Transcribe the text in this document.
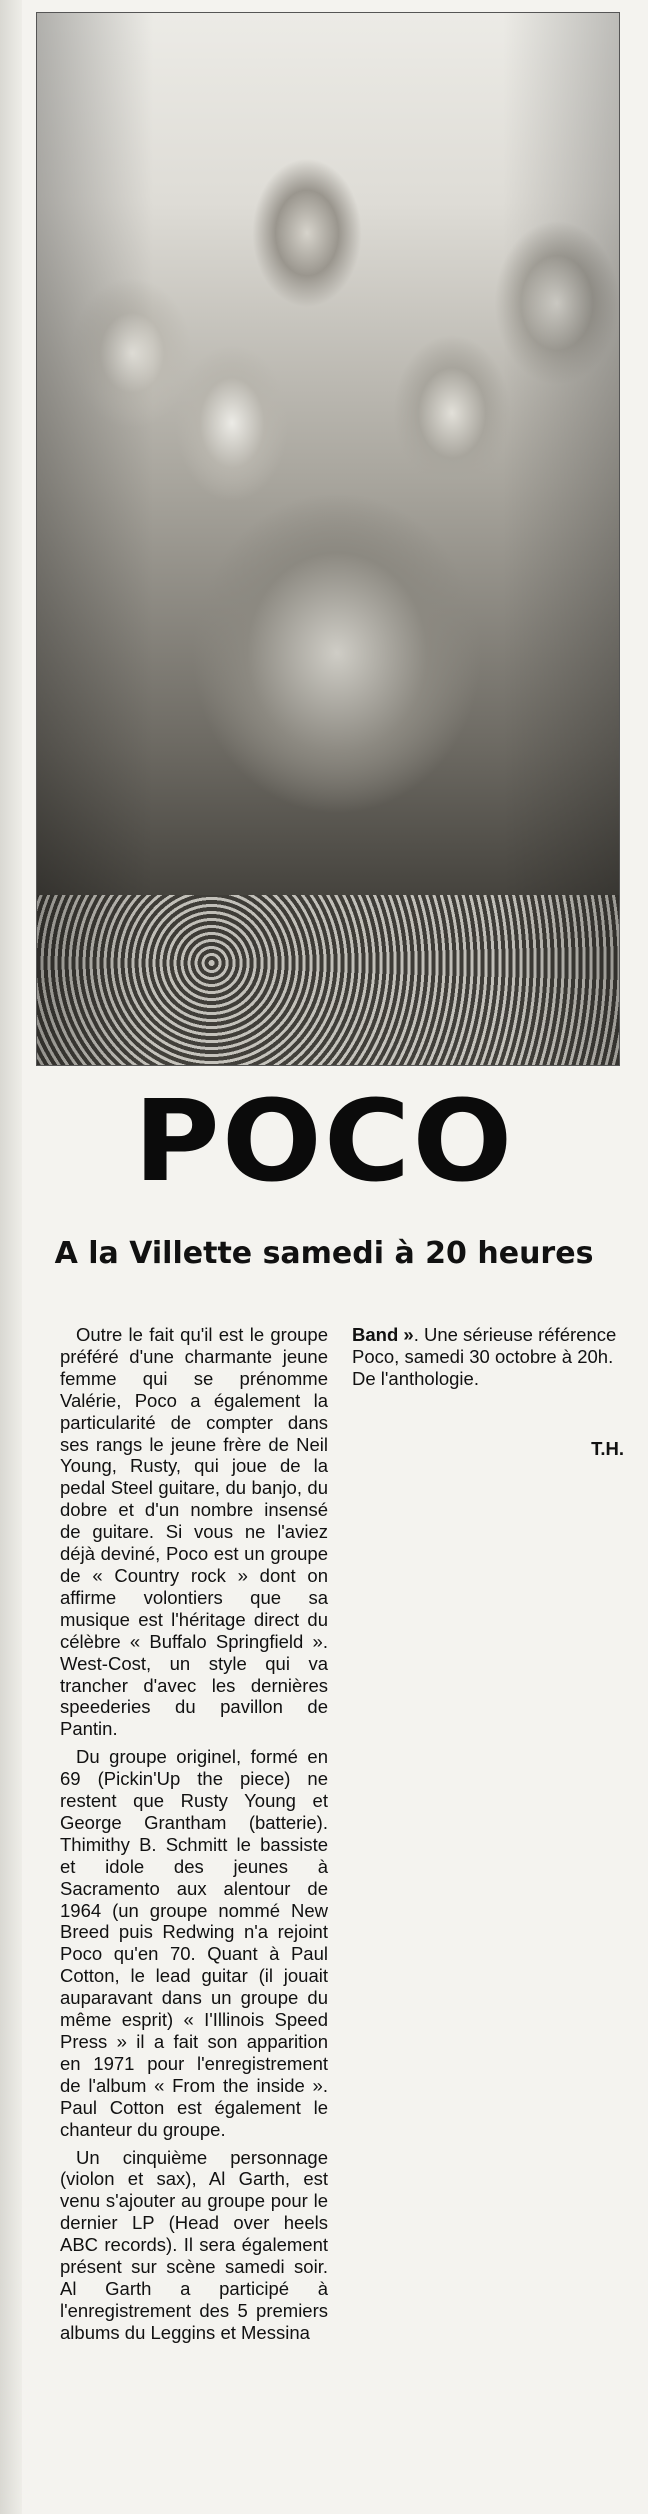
POCO
A la Villette samedi à 20 heures

Outre le fait qu'il est le groupe préféré d'une charmante jeune femme qui se prénomme Valérie, Poco a également la particularité de compter dans ses rangs le jeune frère de Neil Young, Rusty, qui joue de la pedal Steel guitare, du banjo, du dobre et d'un nombre insensé de guitare. Si vous ne l'aviez déjà deviné, Poco est un groupe de « Country rock » dont on affirme volontiers que sa musique est l'héritage direct du célèbre « Buffalo Springfield ». West-Cost, un style qui va trancher d'avec les dernières speederies du pavillon de Pantin.

Du groupe originel, formé en 69 (Pickin'Up the piece) ne restent que Rusty Young et George Grantham (batterie). Thimithy B. Schmitt le bassiste et idole des jeunes à Sacramento aux alentour de 1964 (un groupe nommé New Breed puis Redwing n'a rejoint Poco qu'en 70. Quant à Paul Cotton, le lead guitar (il jouait auparavant dans un groupe du même esprit) « I'Illinois Speed Press » il a fait son apparition en 1971 pour l'enregistrement de l'album « From the inside ». Paul Cotton est également le chanteur du groupe.

Un cinquième personnage (violon et sax), Al Garth, est venu s'ajouter au groupe pour le dernier LP (Head over heels ABC records). Il sera également présent sur scène samedi soir. Al Garth a participé à l'enregistrement des 5 premiers albums du Leggins et Messina

Band ». Une sérieuse référence Poco, samedi 30 octobre à 20h. De l'anthologie.

T.H.
